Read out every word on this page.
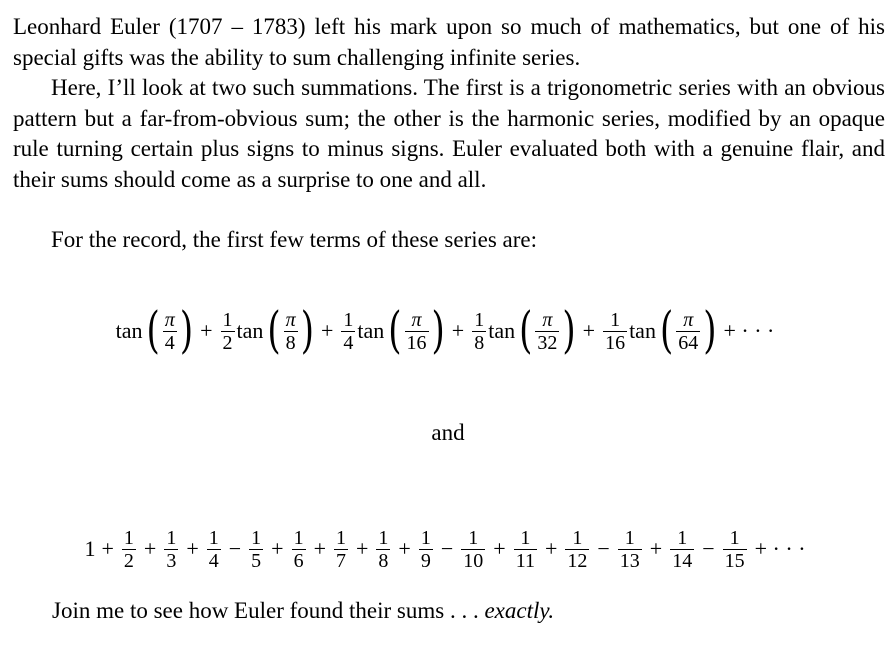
Leonhard Euler (1707 – 1783) left his mark upon so much of mathematics, but one of his special gifts was the ability to sum challenging infinite series.

Here, I’ll look at two such summations. The first is a trigonometric series with an obvious pattern but a far-from-obvious sum; the other is the harmonic series, modified by an opaque rule turning certain plus signs to minus signs. Euler evaluated both with a genuine flair, and their sums should come as a surprise to one and all.

For the record, the first few terms of these series are:

tan ( $\frac{\pi}{4}$ ) + $\frac{1}{2}$ tan ( $\frac{\pi}{8}$ ) + $\frac{1}{4}$ tan ( $\frac{\pi}{16}$ ) + $\frac{1}{8}$ tan ( $\frac{\pi}{32}$ ) + $\frac{1}{16}$ tan ( $\frac{\pi}{64}$ ) + · · ·
and
$1 + \frac{1}{2} + \frac{1}{3} + \frac{1}{4} - \frac{1}{5} + \frac{1}{6} + \frac{1}{7} + \frac{1}{8} + \frac{1}{9} - \frac{1}{10} + \frac{1}{11} + \frac{1}{12} - \frac{1}{13} + \frac{1}{14} - \frac{1}{15}$ + · · ·
Join me to see how Euler found their sums . . . exactly.
